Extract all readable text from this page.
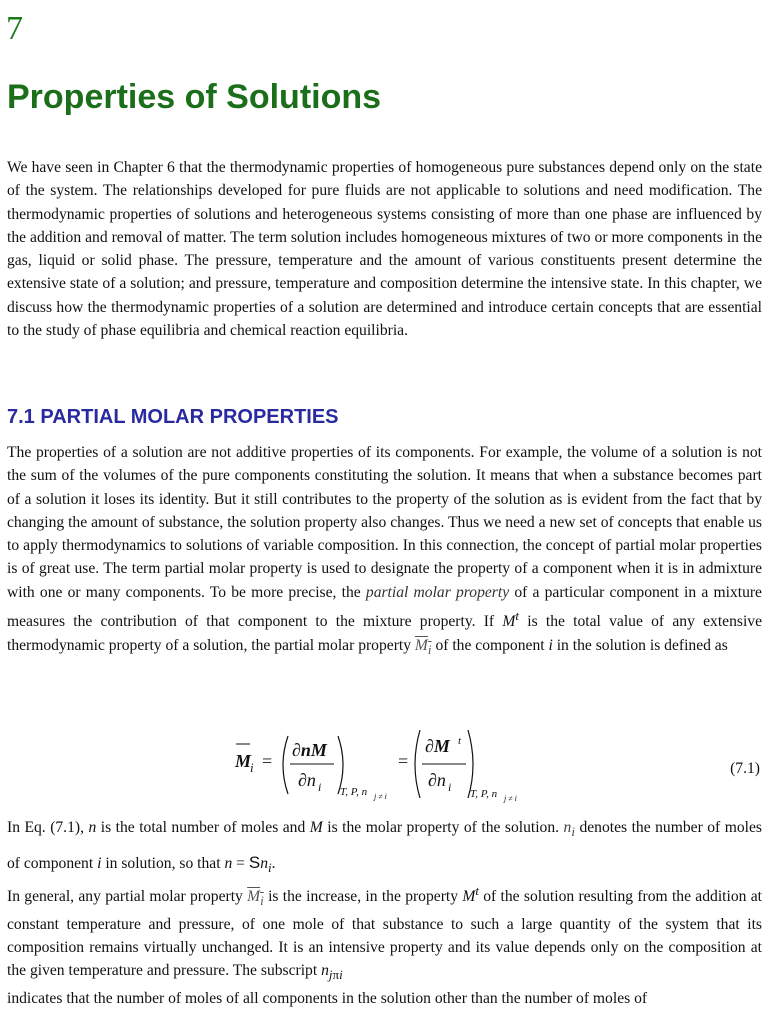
7
Properties of Solutions

We have seen in Chapter 6 that the thermodynamic properties of homogeneous pure substances depend only on the state of the system. The relationships developed for pure fluids are not applicable to solutions and need modification. The thermodynamic properties of solutions and heterogeneous systems consisting of more than one phase are influenced by the addition and removal of matter. The term solution includes homogeneous mixtures of two or more components in the gas, liquid or solid phase. The pressure, temperature and the amount of various constituents present determine the extensive state of a solution; and pressure, temperature and composition determine the intensive state. In this chapter, we discuss how the thermodynamic properties of a solution are determined and introduce certain concepts that are essential to the study of phase equilibria and chemical reaction equilibria.

7.1 PARTIAL MOLAR PROPERTIES

The properties of a solution are not additive properties of its components. For example, the volume of a solution is not the sum of the volumes of the pure components constituting the solution. It means that when a substance becomes part of a solution it loses its identity. But it still contributes to the property of the solution as is evident from the fact that by changing the amount of substance, the solution property also changes. Thus we need a new set of concepts that enable us to apply thermodynamics to solutions of variable composition. In this connection, the concept of partial molar properties is of great use. The term partial molar property is used to designate the property of a component when it is in admixture with one or many components. To be more precise, the partial molar property of a particular component in a mixture measures the contribution of that component to the mixture property. If $M^t$ is the total value of any extensive thermodynamic property of a solution, the partial molar property $M_i$ of the component i in the solution is defined as

M
i =
∂nM
∂n i T, P, n j ≠ i
=
∂M t
∂n i T, P, n j ≠ i
(7.1)

In Eq. (7.1), n is the total number of moles and M is the molar property of the solution. $n_i$ denotes the number of moles of component i in solution, so that $n = Sn_i$.

In general, any partial molar property $M_i$ is the increase, in the property $M^t$ of the solution resulting from the addition at constant temperature and pressure, of one mole of that substance to such a large quantity of the system that its composition remains virtually unchanged. It is an intensive property and its value depends only on the composition at the given temperature and pressure. The subscript $n_{j\pi i}$
indicates that the number of moles of all components in the solution other than the number of moles of
